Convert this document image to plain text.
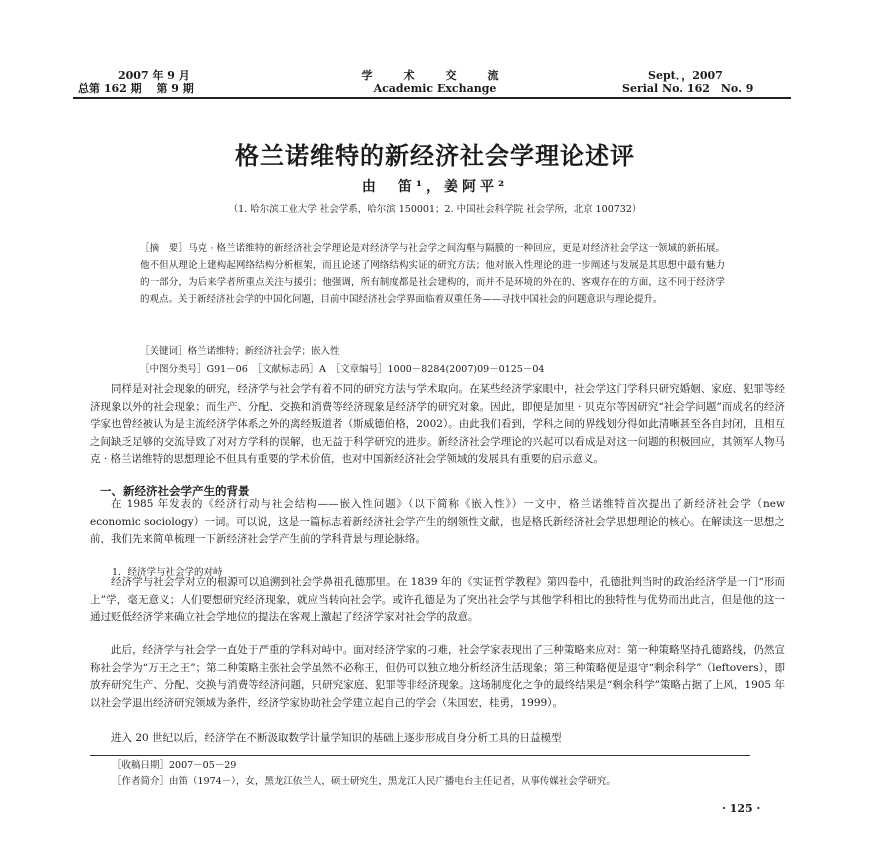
2007 年 9 月
总第 162 期　 第 9 期
学　术　交　流
Academic Exchange
Sept．，2007
Serial No. 162　No. 9
格兰诺维特的新经济社会学理论述评
由　笛¹，姜阿平²
（1. 哈尔滨工业大学 社会学系，哈尔滨 150001；2. 中国社会科学院 社会学所，北京 100732）
［摘　要］马克 · 格兰诺维特的新经济社会学理论是对经济学与社会学之间沟壑与隔膜的一种回应，更是对经济社会学这一领域的新拓展。他不但从理论上建构起网络结构分析框架，而且论述了网络结构实证的研究方法；他对嵌入性理论的进一步阐述与发展是其思想中最有魅力的一部分，为后来学者所重点关注与援引；他强调，所有制度都是社会建构的，而并不是环境的外在的、客观存在的方面，这不同于经济学的观点。关于新经济社会学的中国化问题，目前中国经济社会学界面临着双重任务——寻找中国社会的问题意识与理论提升。
［关键词］格兰诺维特；新经济社会学；嵌入性
［中图分类号］G91－06　［文献标志码］A　［文章编号］1000－8284(2007)09－0125－04
同样是对社会现象的研究，经济学与社会学有着不同的研究方法与学术取向。在某些经济学家眼中，社会学这门学科只研究婚姻、家庭、犯罪等经济现象以外的社会现象；而生产、分配、交换和消费等经济现象是经济学的研究对象。因此，即便是加里 · 贝克尔等因研究“社会学问题”而成名的经济学家也曾经被认为是主流经济学体系之外的离经叛道者（斯威德伯格，2002）。由此我们看到，学科之间的界线划分得如此清晰甚至各自封闭，且相互之间缺乏足够的交流导致了对对方学科的误解，也无益于科学研究的进步。新经济社会学理论的兴起可以看成是对这一问题的积极回应，其领军人物马克 · 格兰诺维特的思想理论不但具有重要的学术价值，也对中国新经济社会学领域的发展具有重要的启示意义。
一、新经济社会学产生的背景
在 1985 年发表的《经济行动与社会结构——嵌入性问题》（以下简称《嵌入性》）一文中，格兰诺维特首次提出了新经济社会学（new economic sociology）一词。可以说，这是一篇标志着新经济社会学产生的纲领性文献，也是格氏新经济社会学思想理论的核心。在解读这一思想之前，我们先来简单梳理一下新经济社会学产生前的学科背景与理论脉络。
1．经济学与社会学的对峙
经济学与社会学对立的根源可以追溯到社会学鼻祖孔德那里。在 1839 年的《实证哲学教程》第四卷中，孔德批判当时的政治经济学是一门“形而上”学，毫无意义；人们要想研究经济现象，就应当转向社会学。或许孔德是为了突出社会学与其他学科相比的独特性与优势而出此言，但是他的这一通过贬低经济学来确立社会学地位的提法在客观上激起了经济学家对社会学的敌意。
此后，经济学与社会学一直处于严重的学科对峙中。面对经济学家的刁难，社会学家表现出了三种策略来应对：第一种策略坚持孔德路线，仍然宣称社会学为“万王之王”；第二种策略主张社会学虽然不必称王，但仍可以独立地分析经济生活现象；第三种策略便是退守“剩余科学”（leftovers），即放弃研究生产、分配、交换与消费等经济问题，只研究家庭、犯罪等非经济现象。这场制度化之争的最终结果是“剩余科学”策略占据了上风，1905 年以社会学退出经济研究领域为条件，经济学家协助社会学建立起自己的学会（朱国宏，桂勇，1999）。
进入 20 世纪以后，经济学在不断汲取数学计量学知识的基础上逐步形成自身分析工具的日益模型
［收稿日期］2007－05－29
［作者简介］由笛（1974－），女，黑龙江依兰人，硕士研究生，黑龙江人民广播电台主任记者，从事传媒社会学研究。
· 125 ·
